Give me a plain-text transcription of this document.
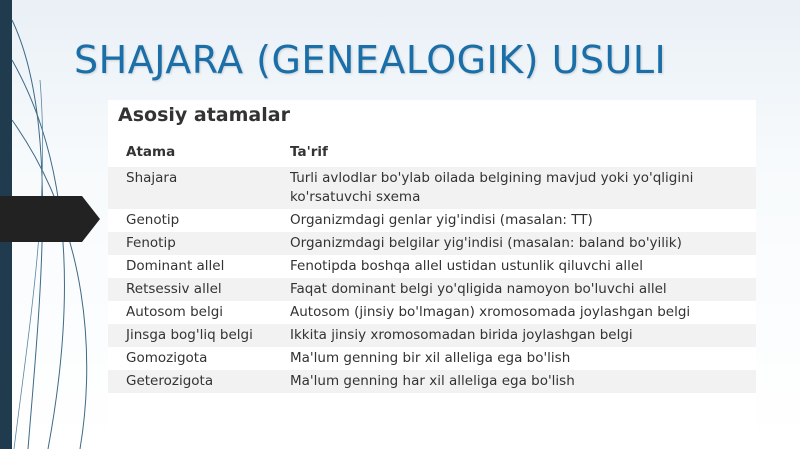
SHAJARA (GENEALOGIK) USULI
Asosiy atamalar
Atama	Ta'rif
Shajara	Turli avlodlar bo'ylab oilada belgining mavjud yoki yo'qligini ko'rsatuvchi sxema
Genotip	Organizmdagi genlar yig'indisi (masalan: TT)
Fenotip	Organizmdagi belgilar yig'indisi (masalan: baland bo'yilik)
Dominant allel	Fenotipda boshqa allel ustidan ustunlik qiluvchi allel
Retsessiv allel	Faqat dominant belgi yo'qligida namoyon bo'luvchi allel
Autosom belgi	Autosom (jinsiy bo'lmagan) xromosomada joylashgan belgi
Jinsga bog'liq belgi	Ikkita jinsiy xromosomadan birida joylashgan belgi
Gomozigota	Ma'lum genning bir xil alleliga ega bo'lish
Geterozigota	Ma'lum genning har xil alleliga ega bo'lish
